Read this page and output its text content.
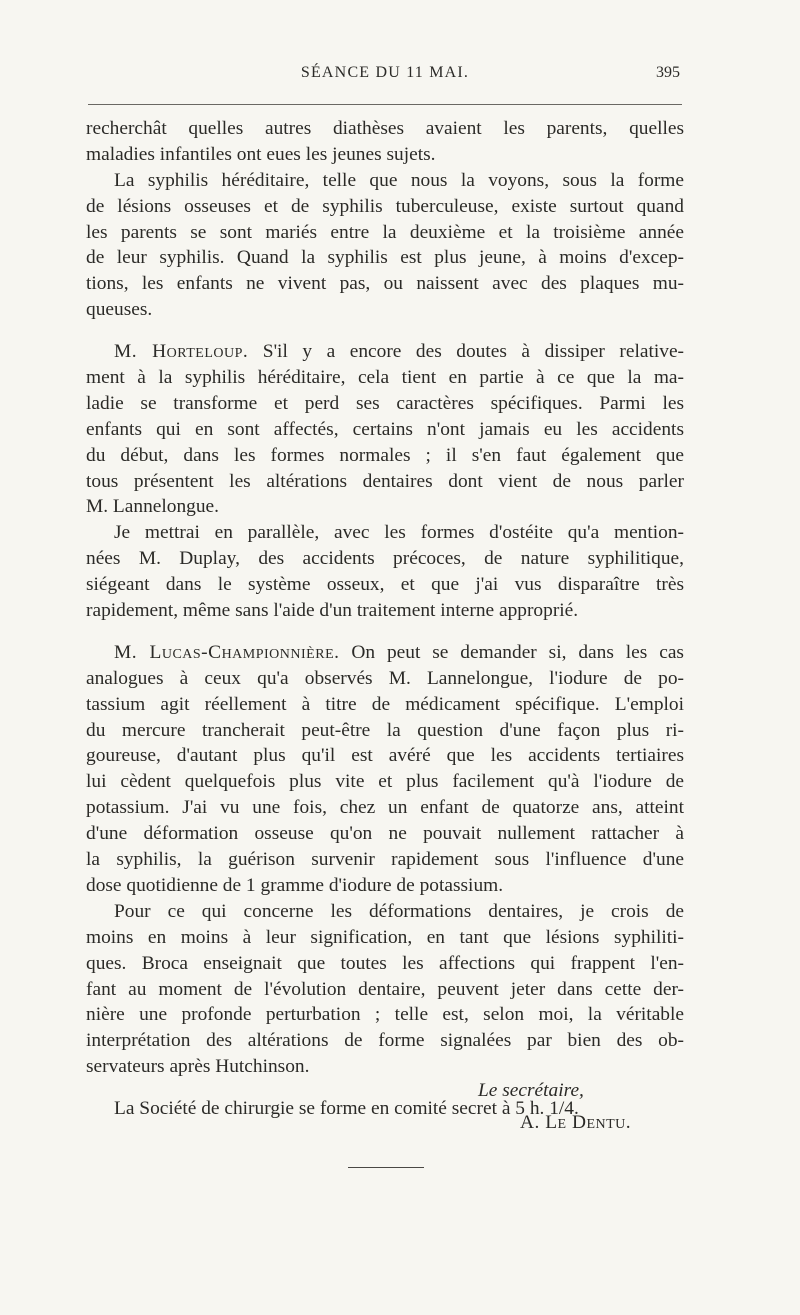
SÉANCE DU 11 MAI.	395
recherchât quelles autres diathèses avaient les parents, quelles
maladies infantiles ont eues les jeunes sujets.
La syphilis héréditaire, telle que nous la voyons, sous la forme
de lésions osseuses et de syphilis tuberculeuse, existe surtout quand
les parents se sont mariés entre la deuxième et la troisième année
de leur syphilis. Quand la syphilis est plus jeune, à moins d'excep-
tions, les enfants ne vivent pas, ou naissent avec des plaques mu-
queuses.
M. Horteloup. S'il y a encore des doutes à dissiper relative-
ment à la syphilis héréditaire, cela tient en partie à ce que la ma-
ladie se transforme et perd ses caractères spécifiques. Parmi les
enfants qui en sont affectés, certains n'ont jamais eu les accidents
du début, dans les formes normales ; il s'en faut également que
tous présentent les altérations dentaires dont vient de nous parler
M. Lannelongue.
Je mettrai en parallèle, avec les formes d'ostéite qu'a mention-
nées M. Duplay, des accidents précoces, de nature syphilitique,
siégeant dans le système osseux, et que j'ai vus disparaître très
rapidement, même sans l'aide d'un traitement interne approprié.
M. Lucas-Championnière. On peut se demander si, dans les cas
analogues à ceux qu'a observés M. Lannelongue, l'iodure de po-
tassium agit réellement à titre de médicament spécifique. L'emploi
du mercure trancherait peut-être la question d'une façon plus ri-
goureuse, d'autant plus qu'il est avéré que les accidents tertiaires
lui cèdent quelquefois plus vite et plus facilement qu'à l'iodure de
potassium. J'ai vu une fois, chez un enfant de quatorze ans, atteint
d'une déformation osseuse qu'on ne pouvait nullement rattacher à
la syphilis, la guérison survenir rapidement sous l'influence d'une
dose quotidienne de 1 gramme d'iodure de potassium.
Pour ce qui concerne les déformations dentaires, je crois de
moins en moins à leur signification, en tant que lésions syphiliti-
ques. Broca enseignait que toutes les affections qui frappent l'en-
fant au moment de l'évolution dentaire, peuvent jeter dans cette der-
nière une profonde perturbation ; telle est, selon moi, la véritable
interprétation des altérations de forme signalées par bien des ob-
servateurs après Hutchinson.
La Société de chirurgie se forme en comité secret à 5 h. 1/4.
Le secrétaire,
A. Le Dentu.
